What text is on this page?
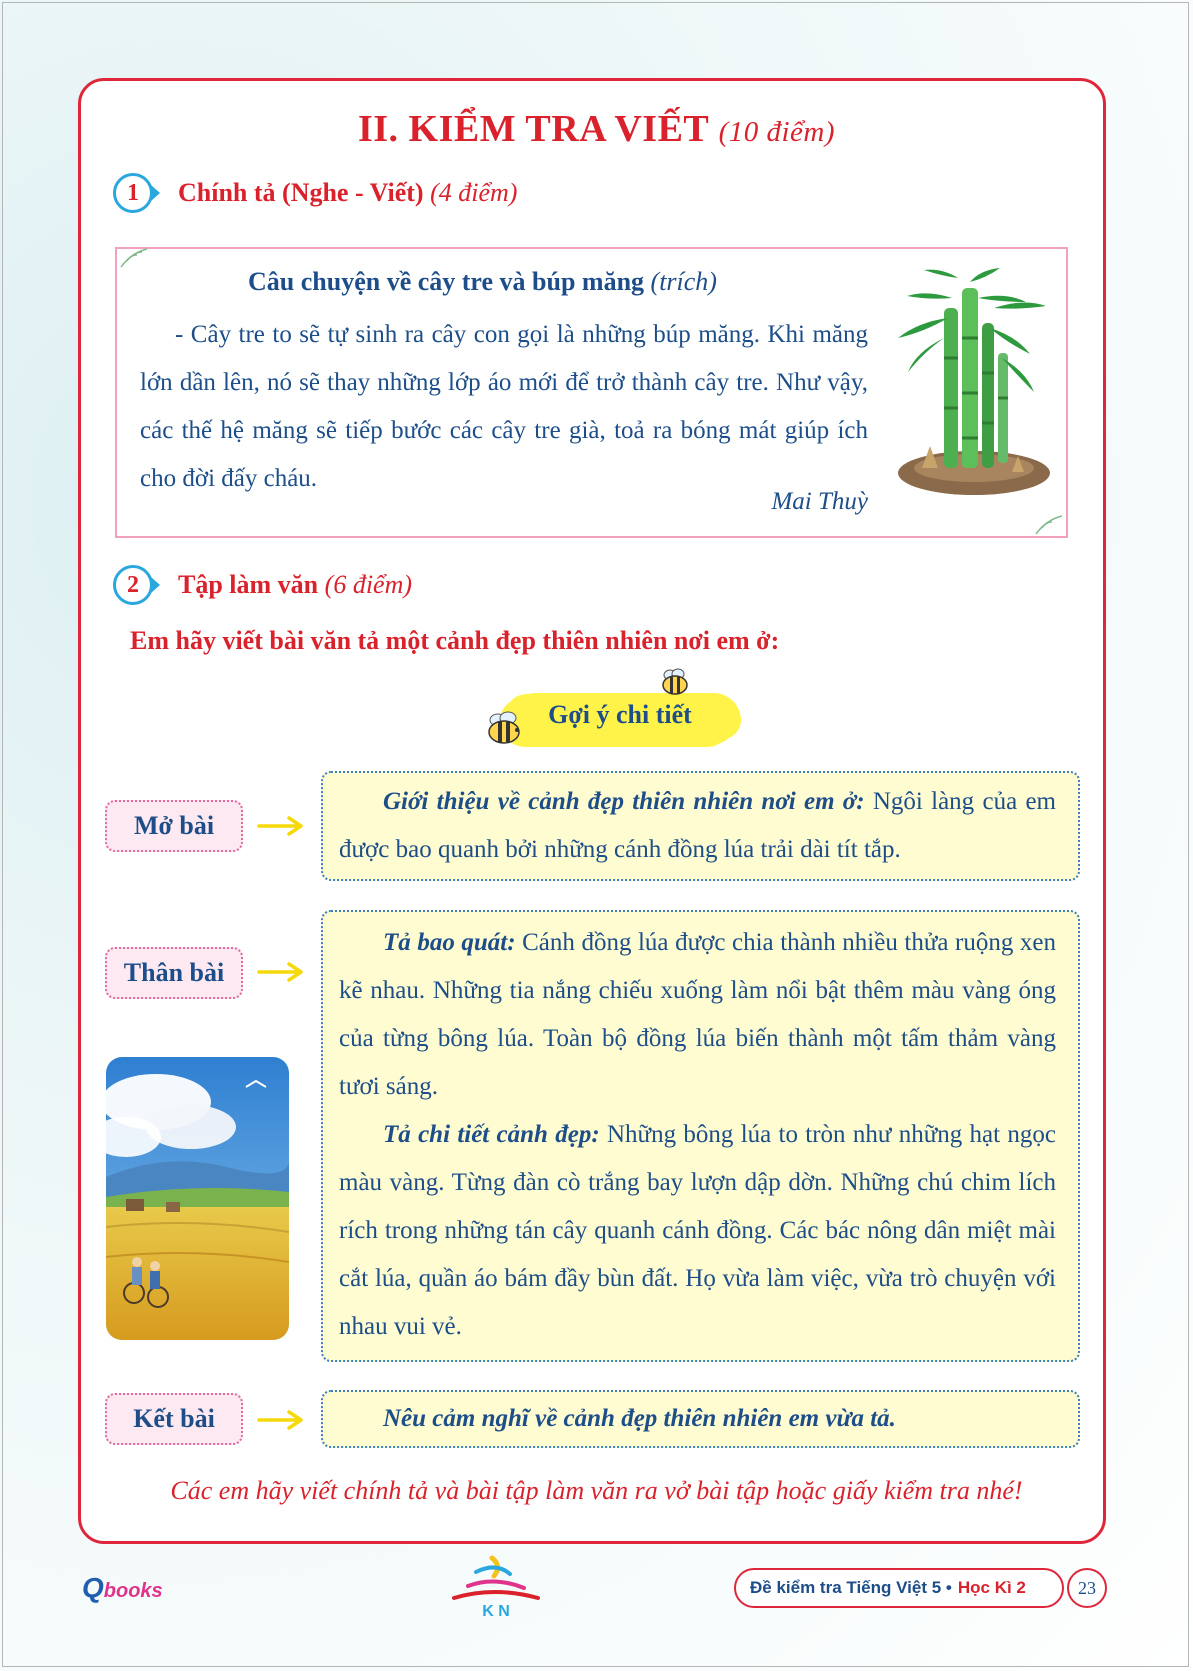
II. KIỂM TRA VIẾT (10 điểm)
1	Chính tả (Nghe - Viết) (4 điểm)
Câu chuyện về cây tre và búp măng (trích)
- Cây tre to sẽ tự sinh ra cây con gọi là những búp măng. Khi măng lớn dần lên, nó sẽ thay những lớp áo mới để trở thành cây tre. Như vậy, các thế hệ măng sẽ tiếp bước các cây tre già, toả ra bóng mát giúp ích cho đời đấy cháu.
Mai Thuỳ
2	Tập làm văn (6 điểm)
Em hãy viết bài văn tả một cảnh đẹp thiên nhiên nơi em ở:
Gợi ý chi tiết
Mở bài

Giới thiệu về cảnh đẹp thiên nhiên nơi em ở: Ngôi làng của em được bao quanh bởi những cánh đồng lúa trải dài tít tắp.

Thân bài

Tả bao quát: Cánh đồng lúa được chia thành nhiều thửa ruộng xen kẽ nhau. Những tia nắng chiếu xuống làm nổi bật thêm màu vàng óng của từng bông lúa. Toàn bộ đồng lúa biến thành một tấm thảm vàng tươi sáng.

Tả chi tiết cảnh đẹp: Những bông lúa to tròn như những hạt ngọc màu vàng. Từng đàn cò trắng bay lượn dập dờn. Những chú chim lích rích trong những tán cây quanh cánh đồng. Các bác nông dân miệt mài cắt lúa, quần áo bám đầy bùn đất. Họ vừa làm việc, vừa trò chuyện với nhau vui vẻ.

Kết bài	Nêu cảm nghĩ về cảnh đẹp thiên nhiên em vừa tả.

Các em hãy viết chính tả và bài tập làm văn ra vở bài tập hoặc giấy kiểm tra nhé!
Qbooks
K N
Đề kiểm tra Tiếng Việt 5 • Học Kì 2	23
